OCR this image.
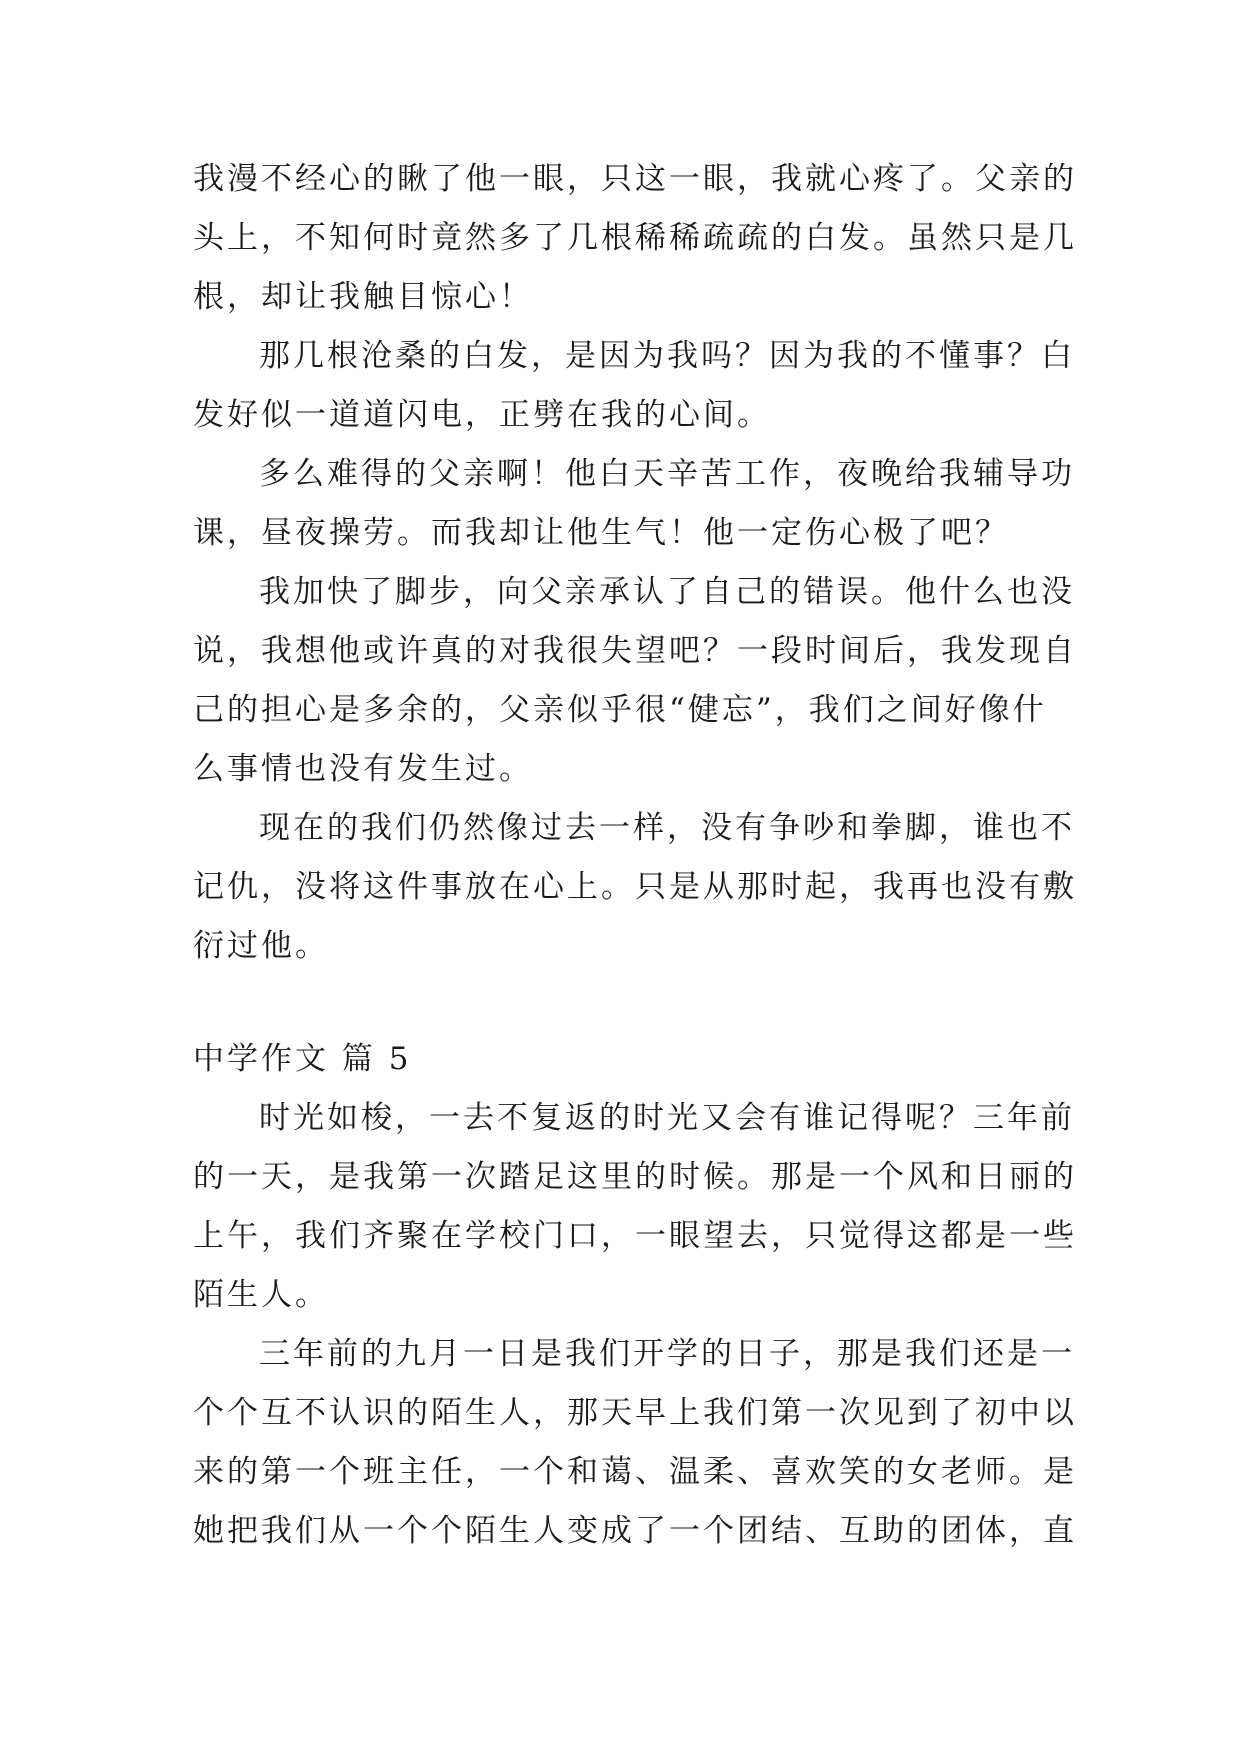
我漫不经心的瞅了他一眼，只这一眼，我就心疼了。父亲的
头上，不知何时竟然多了几根稀稀疏疏的白发。虽然只是几
根，却让我触目惊心！
那几根沧桑的白发，是因为我吗？因为我的不懂事？白
发好似一道道闪电，正劈在我的心间。
多么难得的父亲啊！他白天辛苦工作，夜晚给我辅导功
课，昼夜操劳。而我却让他生气！他一定伤心极了吧？
我加快了脚步，向父亲承认了自己的错误。他什么也没
说，我想他或许真的对我很失望吧？一段时间后，我发现自
己的担心是多余的，父亲似乎很“健忘”，我们之间好像什
么事情也没有发生过。
现在的我们仍然像过去一样，没有争吵和拳脚，谁也不
记仇，没将这件事放在心上。只是从那时起，我再也没有敷
衍过他。
中学作文 篇 5
时光如梭，一去不复返的时光又会有谁记得呢？三年前
的一天，是我第一次踏足这里的时候。那是一个风和日丽的
上午，我们齐聚在学校门口，一眼望去，只觉得这都是一些
陌生人。
三年前的九月一日是我们开学的日子，那是我们还是一
个个互不认识的陌生人，那天早上我们第一次见到了初中以
来的第一个班主任，一个和蔼、温柔、喜欢笑的女老师。是
她把我们从一个个陌生人变成了一个团结、互助的团体，直
